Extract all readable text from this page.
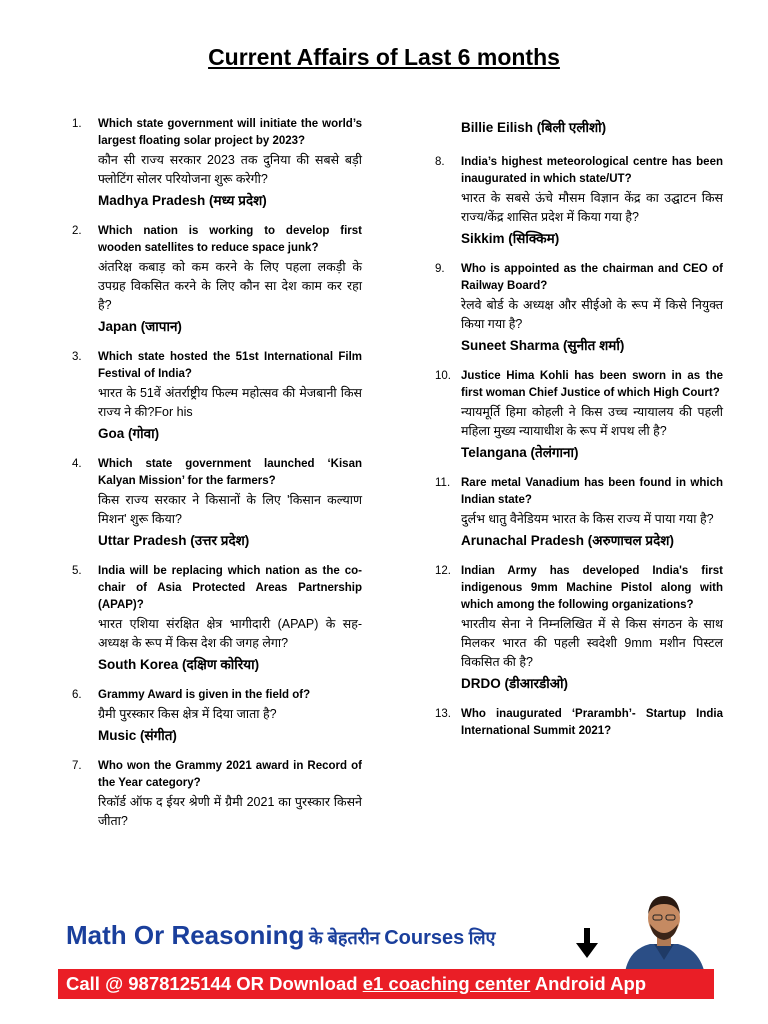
Current Affairs of Last 6 months
1.	Which state government will initiate the world’s largest floating solar project by 2023?
कौन सी राज्य सरकार 2023 तक दुनिया की सबसे बड़ी फ्लोटिंग सोलर परियोजना शुरू करेगी?
Madhya Pradesh (मध्य प्रदेश)
2.	Which nation is working to develop first wooden satellites to reduce space junk?
अंतरिक्ष कबाड़ को कम करने के लिए पहला लकड़ी के उपग्रह विकसित करने के लिए कौन सा देश काम कर रहा है?
Japan (जापान)
3.	Which state hosted the 51st International Film Festival of India?
भारत के 51वें अंतर्राष्ट्रीय फिल्म महोत्सव की मेजबानी किस राज्य ने की?For his
Goa (गोवा)
4.	Which state government launched ‘Kisan Kalyan Mission’ for the farmers?
किस राज्य सरकार ने किसानों के लिए 'किसान कल्याण मिशन' शुरू किया?
Uttar Pradesh (उत्तर प्रदेश)
5.	India will be replacing which nation as the co-chair of Asia Protected Areas Partnership (APAP)?
भारत एशिया संरक्षित क्षेत्र भागीदारी (APAP) के सह-अध्यक्ष के रूप में किस देश की जगह लेगा?
South Korea (दक्षिण कोरिया)
6.	Grammy Award is given in the field of?
ग्रैमी पुरस्कार किस क्षेत्र में दिया जाता है?
Music (संगीत)
7.	Who won the Grammy 2021 award in Record of the Year category?
रिकॉर्ड ऑफ द ईयर श्रेणी में ग्रैमी 2021 का पुरस्कार किसने जीता?
Billie Eilish (बिली एलीशो)
8.	India’s highest meteorological centre has been inaugurated in which state/UT?
भारत के सबसे ऊंचे मौसम विज्ञान केंद्र का उद्घाटन किस राज्य/केंद्र शासित प्रदेश में किया गया है?
Sikkim (सिक्किम)
9.	Who is appointed as the chairman and CEO of Railway Board?
रेलवे बोर्ड के अध्यक्ष और सीईओ के रूप में किसे नियुक्त किया गया है?
Suneet Sharma (सुनीत शर्मा)
10. Justice Hima Kohli has been sworn in as the first woman Chief Justice of which High Court?
न्यायमूर्ति हिमा कोहली ने किस उच्च न्यायालय की पहली महिला मुख्य न्यायाधीश के रूप में शपथ ली है?
Telangana (तेलंगाना)
11. Rare metal Vanadium has been found in which Indian state?
दुर्लभ धातु वैनेडियम भारत के किस राज्य में पाया गया है?
Arunachal Pradesh (अरुणाचल प्रदेश)
12. Indian Army has developed India's first indigenous 9mm Machine Pistol along with which among the following organizations?
भारतीय सेना ने निम्नलिखित में से किस संगठन के साथ मिलकर भारत की पहली स्वदेशी 9mm मशीन पिस्टल विकसित की है?
DRDO (डीआरडीओ)
13. Who inaugurated ‘Prarambh’- Startup India International Summit 2021?
Math Or Reasoning के बेहतरीन Courses लिए
Call @ 9878125144 OR Download e1 coaching center Android App
